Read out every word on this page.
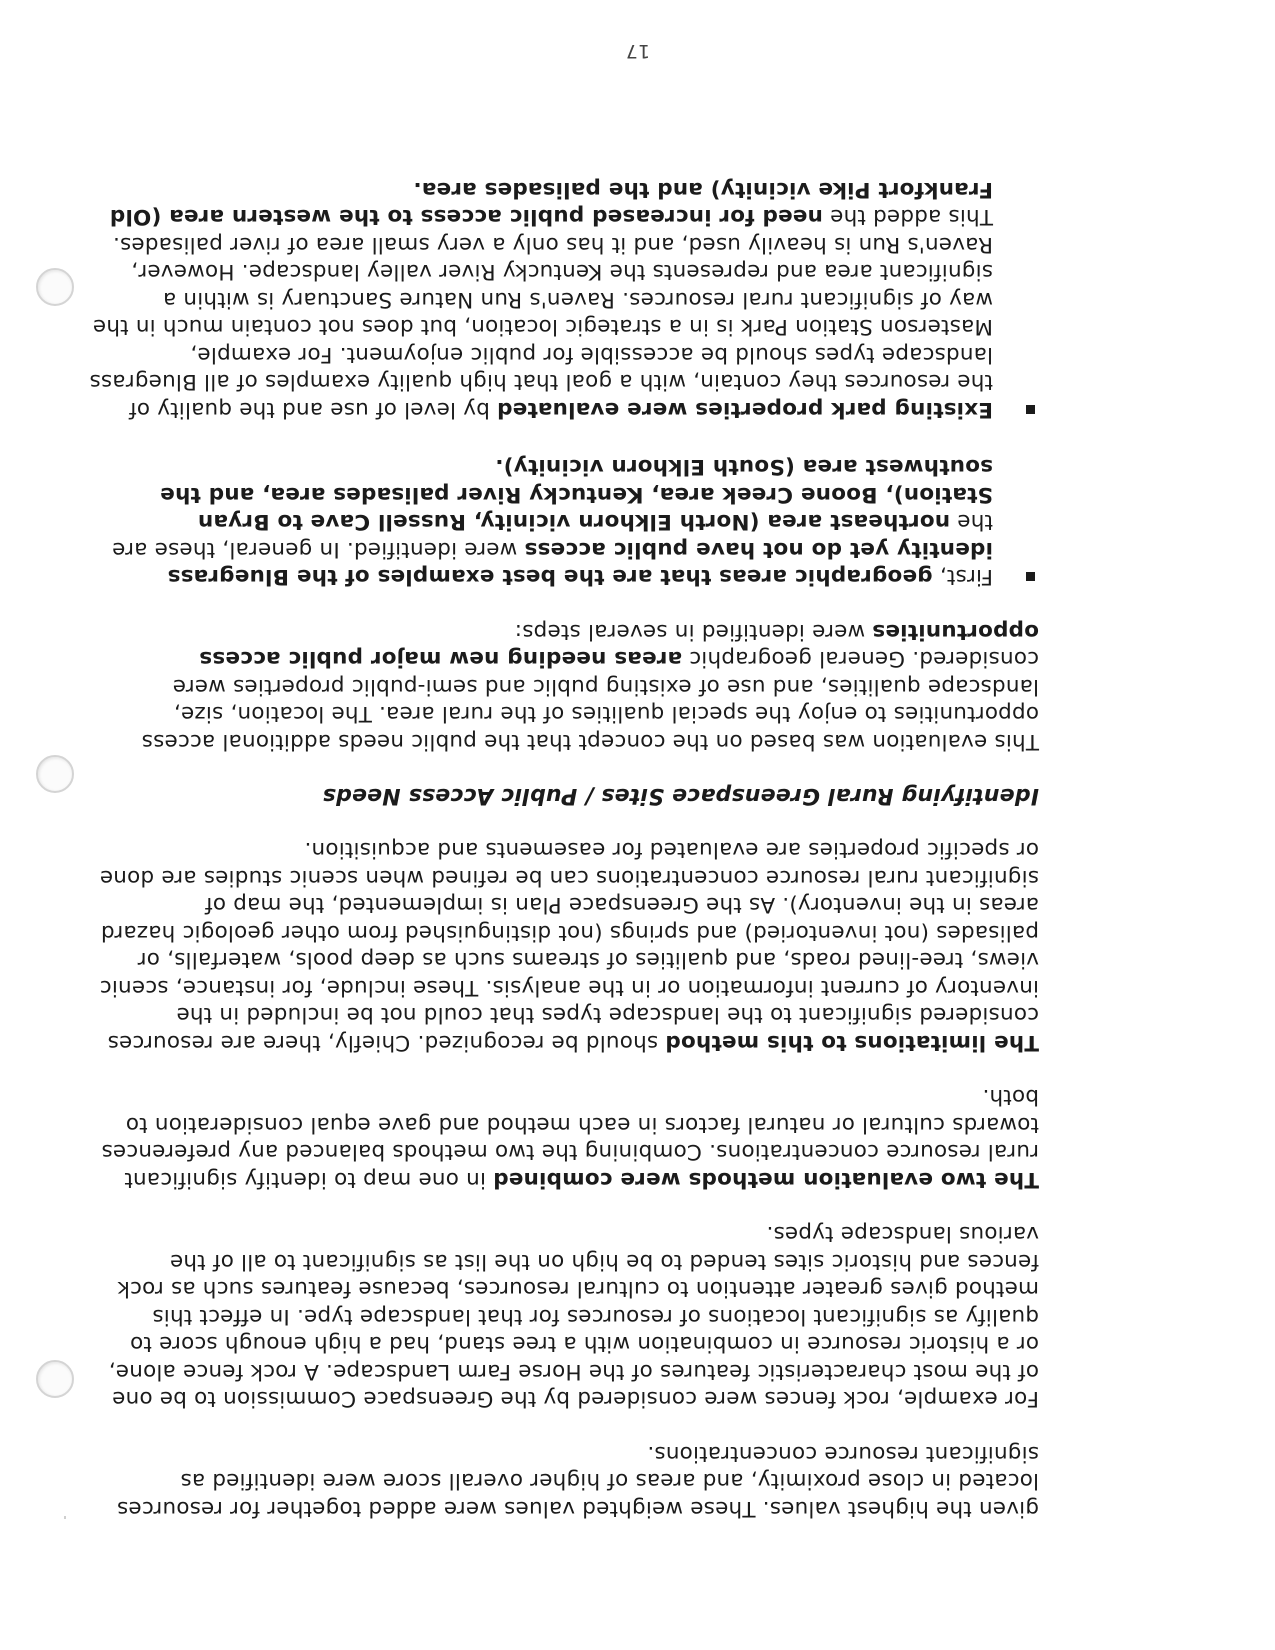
given the highest values. These weighted values were added together for resources located in close proximity, and areas of higher overall score were identified as significant resource concentrations.

For example, rock fences were considered by the Greenspace Commission to be one of the most characteristic features of the Horse Farm Landscape. A rock fence alone, or a historic resource in combination with a tree stand, had a high enough score to qualify as significant locations of resources for that landscape type. In effect this method gives greater attention to cultural resources, because features such as rock fences and historic sites tended to be high on the list as significant to all of the various landscape types.

The two evaluation methods were combined in one map to identify significant rural resource concentrations. Combining the two methods balanced any preferences towards cultural or natural factors in each method and gave equal consideration to both.

The limitations to this method should be recognized. Chiefly, there are resources considered significant to the landscape types that could not be included in the inventory of current information or in the analysis. These include, for instance, scenic views, tree-lined roads, and qualities of streams such as deep pools, waterfalls, or palisades (not inventoried) and springs (not distinguished from other geologic hazard areas in the inventory). As the Greenspace Plan is implemented, the map of significant rural resource concentrations can be refined when scenic studies are done or specific properties are evaluated for easements and acquisition.

Identifying Rural Greenspace Sites / Public Access Needs

This evaluation was based on the concept that the public needs additional access opportunities to enjoy the special qualities of the rural area. The location, size, landscape qualities, and use of existing public and semi-public properties were considered. General geographic areas needing new major public access opportunities were identified in several steps:

First, geographic areas that are the best examples of the Bluegrass identity yet do not have public access were identified. In general, these are the northeast area (North Elkhorn vicinity, Russell Cave to Bryan Station), Boone Creek area, Kentucky River palisades area, and the southwest area (South Elkhorn vicinity).
Existing park properties were evaluated by level of use and the quality of the resources they contain, with a goal that high quality examples of all Bluegrass landscape types should be accessible for public enjoyment. For example, Masterson Station Park is in a strategic location, but does not contain much in the way of significant rural resources. Raven's Run Nature Sanctuary is within a significant area and represents the Kentucky River valley landscape. However, Raven's Run is heavily used, and it has only a very small area of river palisades. This added the need for increased public access to the western area (Old Frankfort Pike vicinity) and the palisades area.
17
